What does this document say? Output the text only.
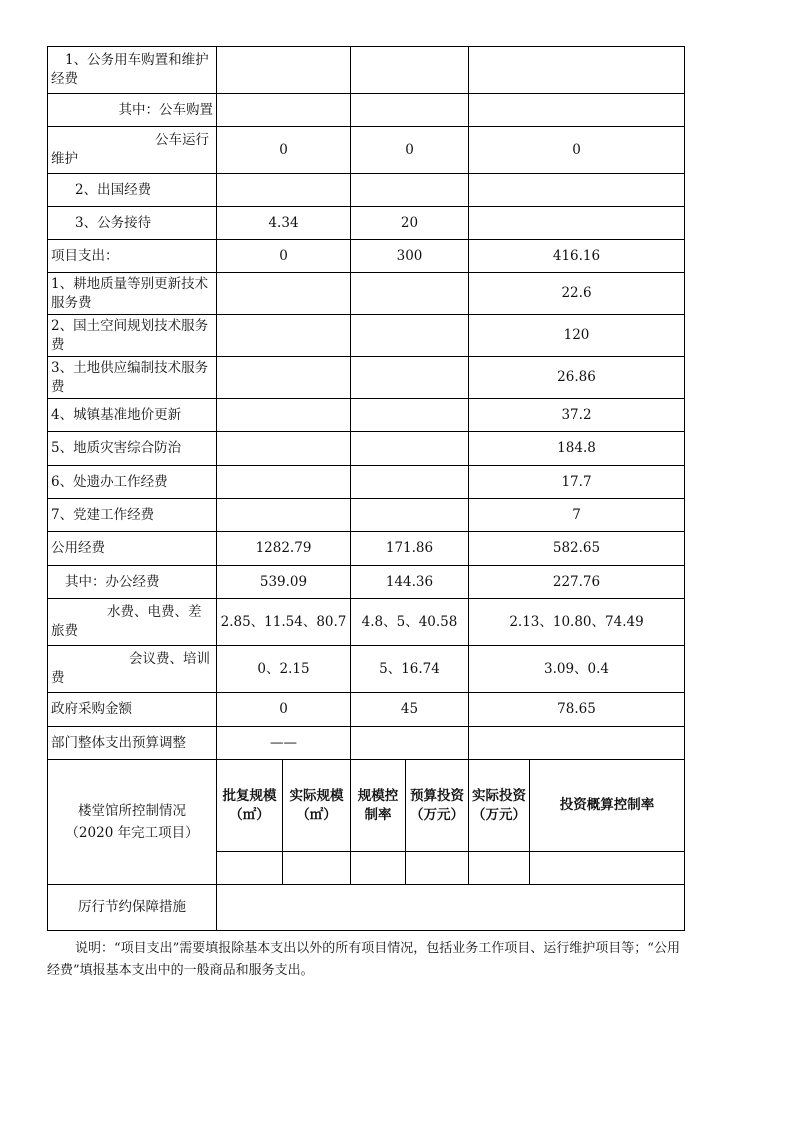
1、公务用车购置和维护经费						
其中：公车购置						
公车运行维护	0		0		0	
2、出国经费						
3、公务接待	4.34		20			
项目支出：	0		300		416.16	
1、耕地质量等别更新技术服务费					22.6	
2、国土空间规划技术服务费					120	
3、土地供应编制技术服务费					26.86	
4、城镇基准地价更新					37.2	
5、地质灾害综合防治					184.8	
6、处遗办工作经费					17.7	
7、党建工作经费					7	
公用经费	1282.79		171.86		582.65	
其中：办公经费	539.09		144.36		227.76	
水费、电费、差旅费	2.85、11.54、80.7		4.8、5、40.58		2.13、10.80、74.49	
会议费、培训费	0、2.15		5、16.74		3.09、0.4	
政府采购金额	0		45		78.65	
部门整体支出预算调整	——					

楼堂馆所控制情况
（2020 年完工项目）	批复规模（㎡）	实际规模（㎡）	规模控制率	预算投资（万元）	实际投资（万元）	投资概算控制率

厉行节约保障措施						
说明：“项目支出”需要填报除基本支出以外的所有项目情况，包括业务工作项目、运行维护项目等；“公用经费”填报基本支出中的一般商品和服务支出。
